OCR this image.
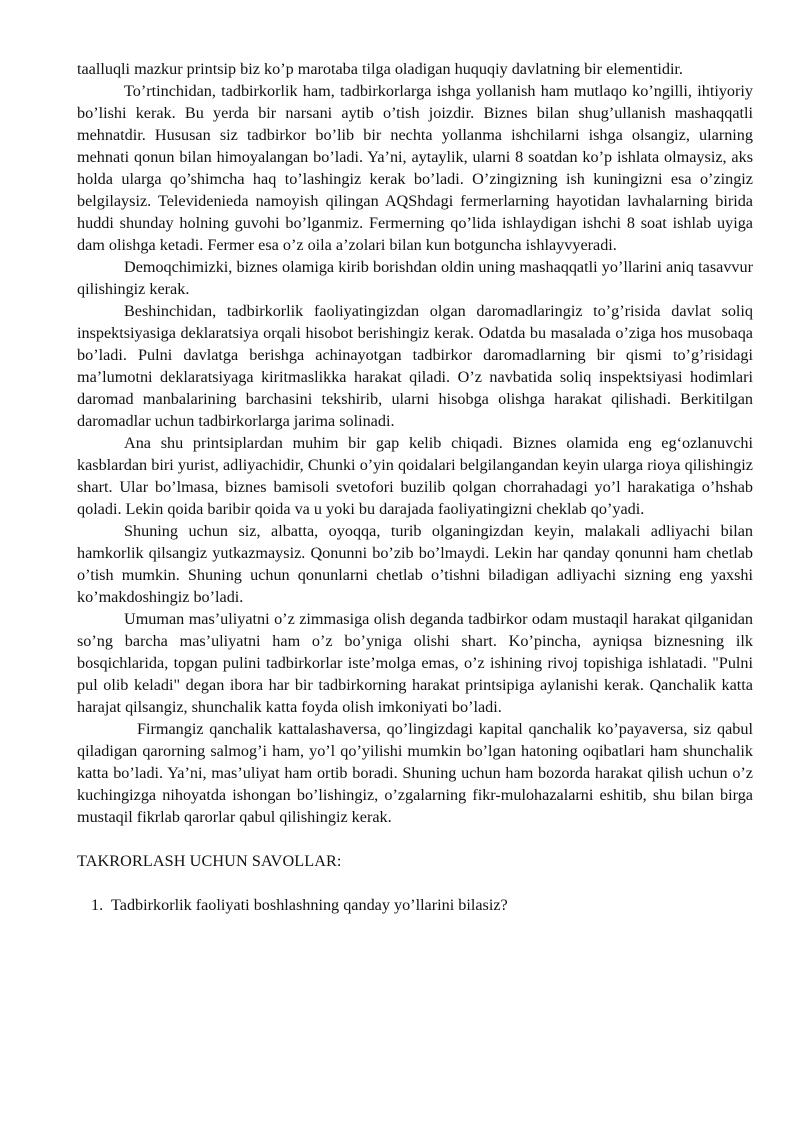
taalluqli mazkur printsip biz ko’p marotaba tilga oladigan huquqiy davlatning bir elementidir.

To’rtinchidan, tadbirkorlik ham, tadbirkorlarga ishga yollanish ham mutlaqo ko’ngilli, ihtiyoriy bo’lishi kerak. Bu yerda bir narsani aytib o’tish joizdir. Biznes bilan shug’ullanish mashaqqatli mehnatdir. Hususan siz tadbirkor bo’lib bir nechta yollanma ishchilarni ishga olsangiz, ularning mehnati qonun bilan himoyalangan bo’ladi. Ya’ni, aytaylik, ularni 8 soatdan ko’p ishlata olmaysiz, aks holda ularga qo’shimcha haq to’lashingiz kerak bo’ladi. O’zingizning ish kuningizni esa o’zingiz belgilaysiz. Televidenieda namoyish qilingan AQShdagi fermerlarning hayotidan lavhalarning birida huddi shunday holning guvohi bo’lganmiz. Fermerning qo’lida ishlaydigan ishchi 8 soat ishlab uyiga dam olishga ketadi. Fermer esa o’z oila a’zolari bilan kun botguncha ishlayvyeradi.

Demoqchimizki, biznes olamiga kirib borishdan oldin uning mashaqqatli yo’llarini aniq tasavvur qilishingiz kerak.

Beshinchidan, tadbirkorlik faoliyatingizdan olgan daromadlaringiz to’g’risida davlat soliq inspektsiyasiga deklaratsiya orqali hisobot berishingiz kerak. Odatda bu masalada o’ziga hos musobaqa bo’ladi. Pulni davlatga berishga achinayotgan tadbirkor daromadlarning bir qismi to’g’risidagi ma’lumotni deklaratsiyaga kiritmaslikka harakat qiladi. O’z navbatida soliq inspektsiyasi hodimlari daromad manbalarining barchasini tekshirib, ularni hisobga olishga harakat qilishadi. Berkitilgan daromadlar uchun tadbirkorlarga jarima solinadi.

Ana shu printsiplardan muhim bir gap kelib chiqadi. Biznes olamida eng eg‘ozlanuvchi kasblardan biri yurist, adliyachidir, Chunki o’yin qoidalari belgilangandan keyin ularga rioya qilishingiz shart. Ular bo’lmasa, biznes bamisoli svetofori buzilib qolgan chorrahadagi yo’l harakatiga o’hshab qoladi. Lekin qoida baribir qoida va u yoki bu darajada faoliyatingizni cheklab qo’yadi.

Shuning uchun siz, albatta, oyoqqa, turib olganingizdan keyin, malakali adliyachi bilan hamkorlik qilsangiz yutkazmaysiz. Qonunni bo’zib bo’lmaydi. Lekin har qanday qonunni ham chetlab o’tish mumkin. Shuning uchun qonunlarni chetlab o’tishni biladigan adliyachi sizning eng yaxshi ko’makdoshingiz bo’ladi.

Umuman mas’uliyatni o’z zimmasiga olish deganda tadbirkor odam mustaqil harakat qilganidan so’ng barcha mas’uliyatni ham o’z bo’yniga olishi shart. Ko’pincha, ayniqsa biznesning ilk bosqichlarida, topgan pulini tadbirkorlar iste’molga emas, o’z ishining rivoj topishiga ishlatadi. "Pulni pul olib keladi" degan ibora har bir tadbirkorning harakat printsipiga aylanishi kerak. Qanchalik katta harajat qilsangiz, shunchalik katta foyda olish imkoniyati bo’ladi.

Firmangiz qanchalik kattalashaversa, qo’lingizdagi kapital qanchalik ko’payaversa, siz qabul qiladigan qarorning salmog’i ham, yo’l qo’yilishi mumkin bo’lgan hatoning oqibatlari ham shunchalik katta bo’ladi. Ya’ni, mas’uliyat ham ortib boradi. Shuning uchun ham bozorda harakat qilish uchun o’z kuchingizga nihoyatda ishongan bo’lishingiz, o’zgalarning fikr-mulohazalarni eshitib, shu bilan birga mustaqil fikrlab qarorlar qabul qilishingiz kerak.

TAKRORLASH UCHUN SAVOLLAR:
1. Tadbirkorlik faoliyati boshlashning qanday yo’llarini bilasiz?
